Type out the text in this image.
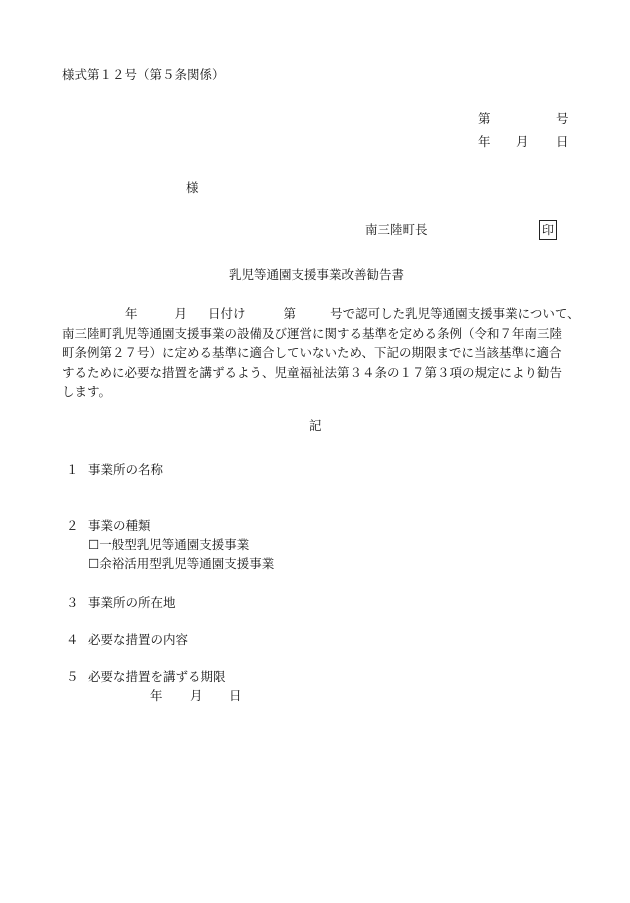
様式第１２号（第５条関係）
第	号
年 月 日
様
南三陸町長	印
乳児等通園支援事業改善勧告書
年	月 日付け	第	号で認可した乳児等通園支援事業について、
南三陸町乳児等通園支援事業の設備及び運営に関する基準を定める条例（令和７年南三陸
町条例第２７号）に定める基準に適合していないため、下記の期限までに当該基準に適合
するために必要な措置を講ずるよう、児童福祉法第３４条の１７第３項の規定により勧告
します。
記
１ 事業所の名称
２ 事業の種類
☐一般型乳児等通園支援事業
☐余裕活用型乳児等通園支援事業
３ 事業所の所在地
４ 必要な措置の内容
５ 必要な措置を講ずる期限
年 月 日
